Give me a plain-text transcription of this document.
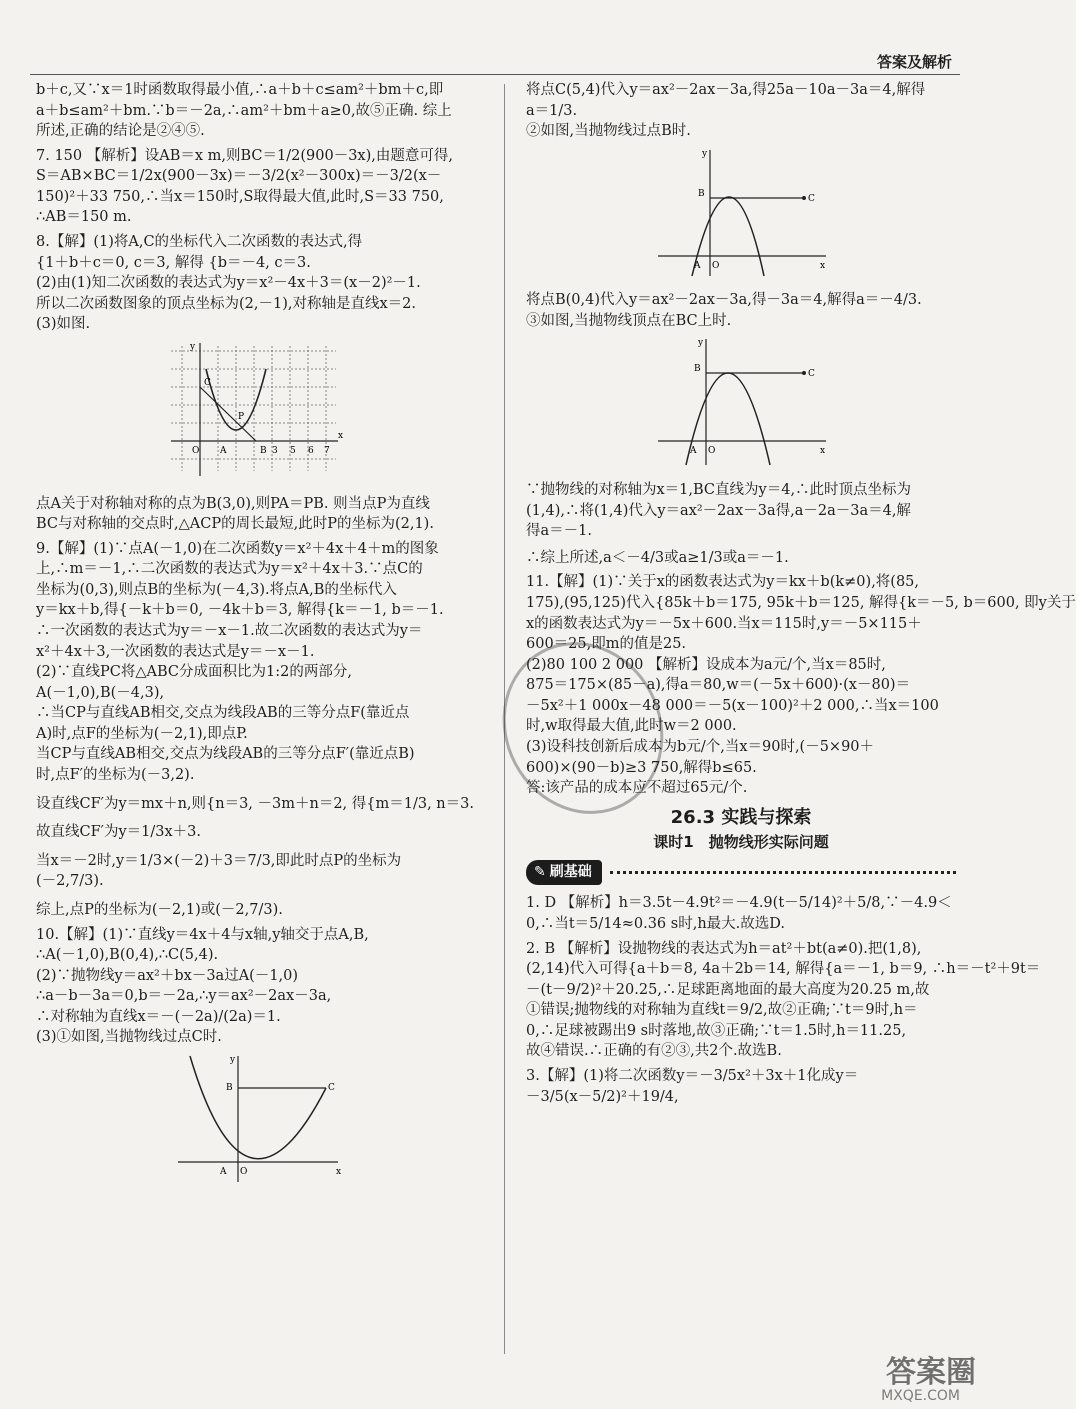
答案及解析
b＋c,又∵x＝1时函数取得最小值,∴a＋b＋c≤am²＋bm＋c,即
a＋b≤am²＋bm.∵b＝－2a,∴am²＋bm＋a≥0,故⑤正确. 综上
所述,正确的结论是②④⑤.
7. 150 【解析】设AB＝x m,则BC＝1/2(900－3x),由题意可得,
S＝AB×BC＝1/2x(900－3x)＝－3/2(x²－300x)＝－3/2(x－
150)²＋33 750,∴当x＝150时,S取得最大值,此时,S＝33 750,
∴AB＝150 m.
8.【解】(1)将A,C的坐标代入二次函数的表达式,得
{1＋b＋c＝0, c＝3, 解得 {b＝－4, c＝3.
(2)由(1)知二次函数的表达式为y＝x²－4x＋3＝(x－2)²－1.
所以二次函数图象的顶点坐标为(2,－1),对称轴是直线x＝2.
(3)如图.
y
x
C
P
A	B
O	3 5 6 7
点A关于对称轴对称的点为B(3,0),则PA＝PB. 则当点P为直线
BC与对称轴的交点时,△ACP的周长最短,此时P的坐标为(2,1).
9.【解】(1)∵点A(－1,0)在二次函数y＝x²＋4x＋4＋m的图象
上,∴m＝－1,∴二次函数的表达式为y＝x²＋4x＋3.∵点C的
坐标为(0,3),则点B的坐标为(－4,3).将点A,B的坐标代入
y＝kx＋b,得{－k＋b＝0, －4k＋b＝3, 解得{k＝－1, b＝－1.
∴一次函数的表达式为y＝－x－1.故二次函数的表达式为y＝
x²＋4x＋3,一次函数的表达式是y＝－x－1.
(2)∵直线PC将△ABC分成面积比为1:2的两部分,
A(－1,0),B(－4,3),
∴当CP与直线AB相交,交点为线段AB的三等分点F(靠近点
A)时,点F的坐标为(－2,1),即点P.
当CP与直线AB相交,交点为线段AB的三等分点F′(靠近点B)
时,点F′的坐标为(－3,2).
设直线CF′为y＝mx＋n,则{n＝3, －3m＋n＝2, 得{m＝1/3, n＝3.
故直线CF′为y＝1/3x＋3.
当x＝－2时,y＝1/3×(－2)＋3＝7/3,即此时点P的坐标为
(－2,7/3).
综上,点P的坐标为(－2,1)或(－2,7/3).
10.【解】(1)∵直线y＝4x＋4与x轴,y轴交于点A,B,
∴A(－1,0),B(0,4),∴C(5,4).
(2)∵抛物线y＝ax²＋bx－3a过A(－1,0)
∴a－b－3a＝0,b＝－2a,∴y＝ax²－2ax－3a,
∴对称轴为直线x＝－(－2a)/(2a)＝1.
(3)①如图,当抛物线过点C时.
y
x
B	C
A O
将点C(5,4)代入y＝ax²－2ax－3a,得25a－10a－3a＝4,解得
a＝1/3.
②如图,当抛物线过点B时.
y
x
B	C
A O
将点B(0,4)代入y＝ax²－2ax－3a,得－3a＝4,解得a＝－4/3.
③如图,当抛物线顶点在BC上时.
y
x
B	C
A O
∵抛物线的对称轴为x＝1,BC直线为y＝4,∴此时顶点坐标为
(1,4),∴将(1,4)代入y＝ax²－2ax－3a得,a－2a－3a＝4,解
得a＝－1.
∴综上所述,a＜－4/3或a≥1/3或a＝－1.
11.【解】(1)∵关于x的函数表达式为y＝kx＋b(k≠0),将(85,
175),(95,125)代入{85k＋b＝175, 95k＋b＝125, 解得{k＝－5, b＝600, 即y关于
x的函数表达式为y＝－5x＋600.当x＝115时,y＝－5×115＋
600＝25,即m的值是25.
(2)80 100 2 000 【解析】设成本为a元/个,当x＝85时,
875＝175×(85－a),得a＝80,w＝(－5x＋600)·(x－80)＝
－5x²＋1 000x－48 000＝－5(x－100)²＋2 000,∴当x＝100
时,w取得最大值,此时w＝2 000.
(3)设科技创新后成本为b元/个,当x＝90时,(－5×90＋
600)×(90－b)≥3 750,解得b≤65.
答:该产品的成本应不超过65元/个.
26.3 实践与探索
课时1　抛物线形实际问题
✎ 刷基础
1. D 【解析】h＝3.5t－4.9t²＝－4.9(t－5/14)²＋5/8,∵－4.9＜
0,∴当t＝5/14≈0.36 s时,h最大.故选D.
2. B 【解析】设抛物线的表达式为h＝at²＋bt(a≠0).把(1,8),
(2,14)代入可得{a＋b＝8, 4a＋2b＝14, 解得{a＝－1, b＝9, ∴h＝－t²＋9t＝
－(t－9/2)²＋20.25,∴足球距离地面的最大高度为20.25 m,故
①错误;抛物线的对称轴为直线t＝9/2,故②正确;∵t＝9时,h＝
0,∴足球被踢出9 s时落地,故③正确;∵t＝1.5时,h＝11.25,
故④错误.∴正确的有②③,共2个.故选B.
3.【解】(1)将二次函数y＝－3/5x²＋3x＋1化成y＝
－3/5(x－5/2)²＋19/4,
答案圈
MXQE.COM
